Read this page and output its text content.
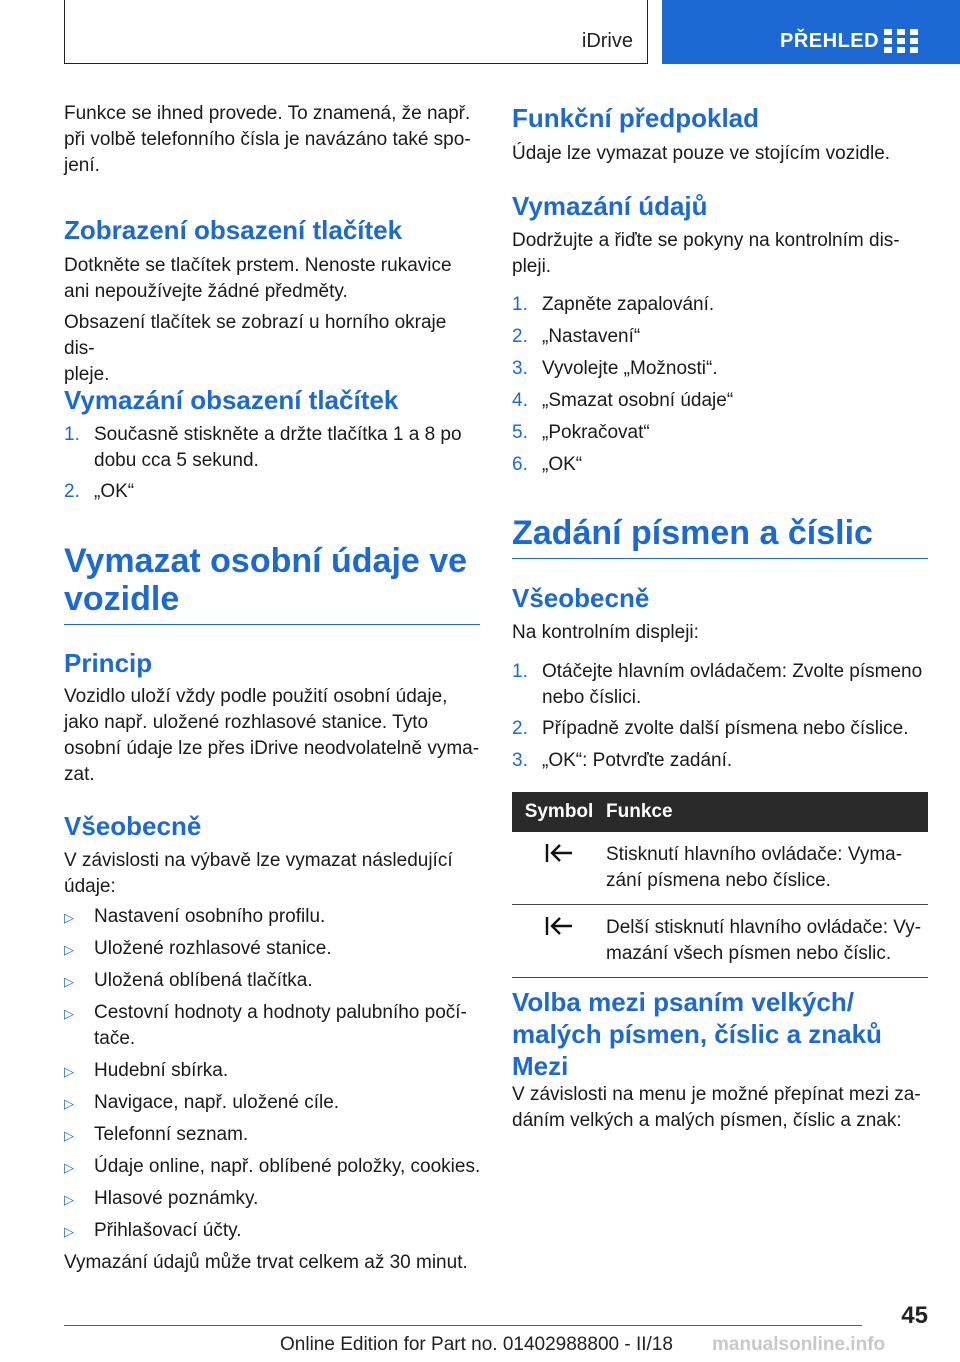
iDrive	PŘEHLED
Funkce se ihned provede. To znamená, že např.
při volbě telefonního čísla je navázáno také spo-
jení.
Zobrazení obsazení tlačítek
Dotkněte se tlačítek prstem. Nenoste rukavice
ani nepoužívejte žádné předměty.
Obsazení tlačítek se zobrazí u horního okraje dis-
pleje.
Vymazání obsazení tlačítek
1. Současně stiskněte a držte tlačítka 1 a 8 po
dobu cca 5 sekund.
2. „OK“
Vymazat osobní údaje ve
vozidle
Princip
Vozidlo uloží vždy podle použití osobní údaje,
jako např. uložené rozhlasové stanice. Tyto
osobní údaje lze přes iDrive neodvolatelně vyma-
zat.
Všeobecně
V závislosti na výbavě lze vymazat následující
údaje:
▷ Nastavení osobního profilu.
▷ Uložené rozhlasové stanice.
▷ Uložená oblíbená tlačítka.
▷ Cestovní hodnoty a hodnoty palubního počí-
tače.
▷ Hudební sbírka.
▷ Navigace, např. uložené cíle.
▷ Telefonní seznam.
▷ Údaje online, např. oblíbené položky, cookies.
▷ Hlasové poznámky.
▷ Přihlašovací účty.
Vymazání údajů může trvat celkem až 30 minut.
Funkční předpoklad
Údaje lze vymazat pouze ve stojícím vozidle.
Vymazání údajů
Dodržujte a řiďte se pokyny na kontrolním dis-
pleji.
1. Zapněte zapalování.
2. „Nastavení“
3. Vyvolejte „Možnosti“.
4. „Smazat osobní údaje“
5. „Pokračovat“
6. „OK“
Zadání písmen a číslic
Všeobecně
Na kontrolním displeji:
1. Otáčejte hlavním ovládačem: Zvolte písmeno
nebo číslici.
2. Případně zvolte další písmena nebo číslice.
3. „OK“: Potvrďte zadání.
Volba mezi psaním velkých/
malých písmen, číslic a znaků
Mezi
V závislosti na menu je možné přepínat mezi za-
dáním velkých a malých písmen, číslic a znak:
Symbol	Funkce

Stisknutí hlavního ovládače: Vyma-
zání písmena nebo číslice.

Delší stisknutí hlavního ovládače: Vy-
mazání všech písmen nebo číslic.
45
Online Edition for Part no. 01402988800 - II/18 manualsonline.info
